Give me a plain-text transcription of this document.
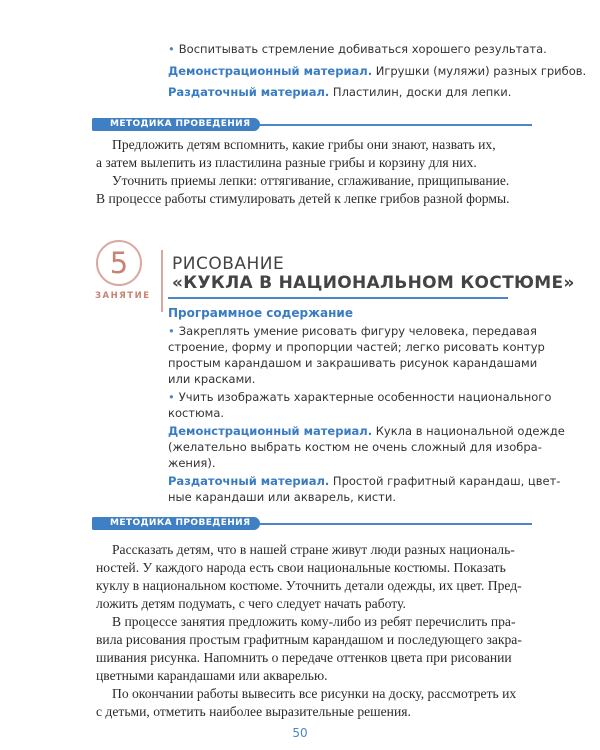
• Воспитывать стремление добиваться хорошего результата.
Демонстрационный материал. Игрушки (муляжи) разных грибов.
Раздаточный материал. Пластилин, доски для лепки.
МЕТОДИКА ПРОВЕДЕНИЯ
Предложить детям вспомнить, какие грибы они знают, назвать их,
а затем вылепить из пластилина разные грибы и корзину для них.
Уточнить приемы лепки: оттягивание, сглаживание, прищипывание.
В процессе работы стимулировать детей к лепке грибов разной формы.
5
ЗАНЯТИЕ
РИСОВАНИЕ
«КУКЛА В НАЦИОНАЛЬНОМ КОСТЮМЕ»
Программное содержание
• Закреплять умение рисовать фигуру человека, передавая
строение, форму и пропорции частей; легко рисовать контур
простым карандашом и закрашивать рисунок карандашами
или красками.
• Учить изображать характерные особенности национального
костюма.
Демонстрационный материал. Кукла в национальной одежде
(желательно выбрать костюм не очень сложный для изобра-
жения).
Раздаточный материал. Простой графитный карандаш, цвет-
ные карандаши или акварель, кисти.
МЕТОДИКА ПРОВЕДЕНИЯ
Рассказать детям, что в нашей стране живут люди разных националь-
ностей. У каждого народа есть свои национальные костюмы. Показать
куклу в национальном костюме. Уточнить детали одежды, их цвет. Пред-
ложить детям подумать, с чего следует начать работу.
В процессе занятия предложить кому-либо из ребят перечислить пра-
вила рисования простым графитным карандашом и последующего закра-
шивания рисунка. Напомнить о передаче оттенков цвета при рисовании
цветными карандашами или акварелью.
По окончании работы вывесить все рисунки на доску, рассмотреть их
с детьми, отметить наиболее выразительные решения.
50
